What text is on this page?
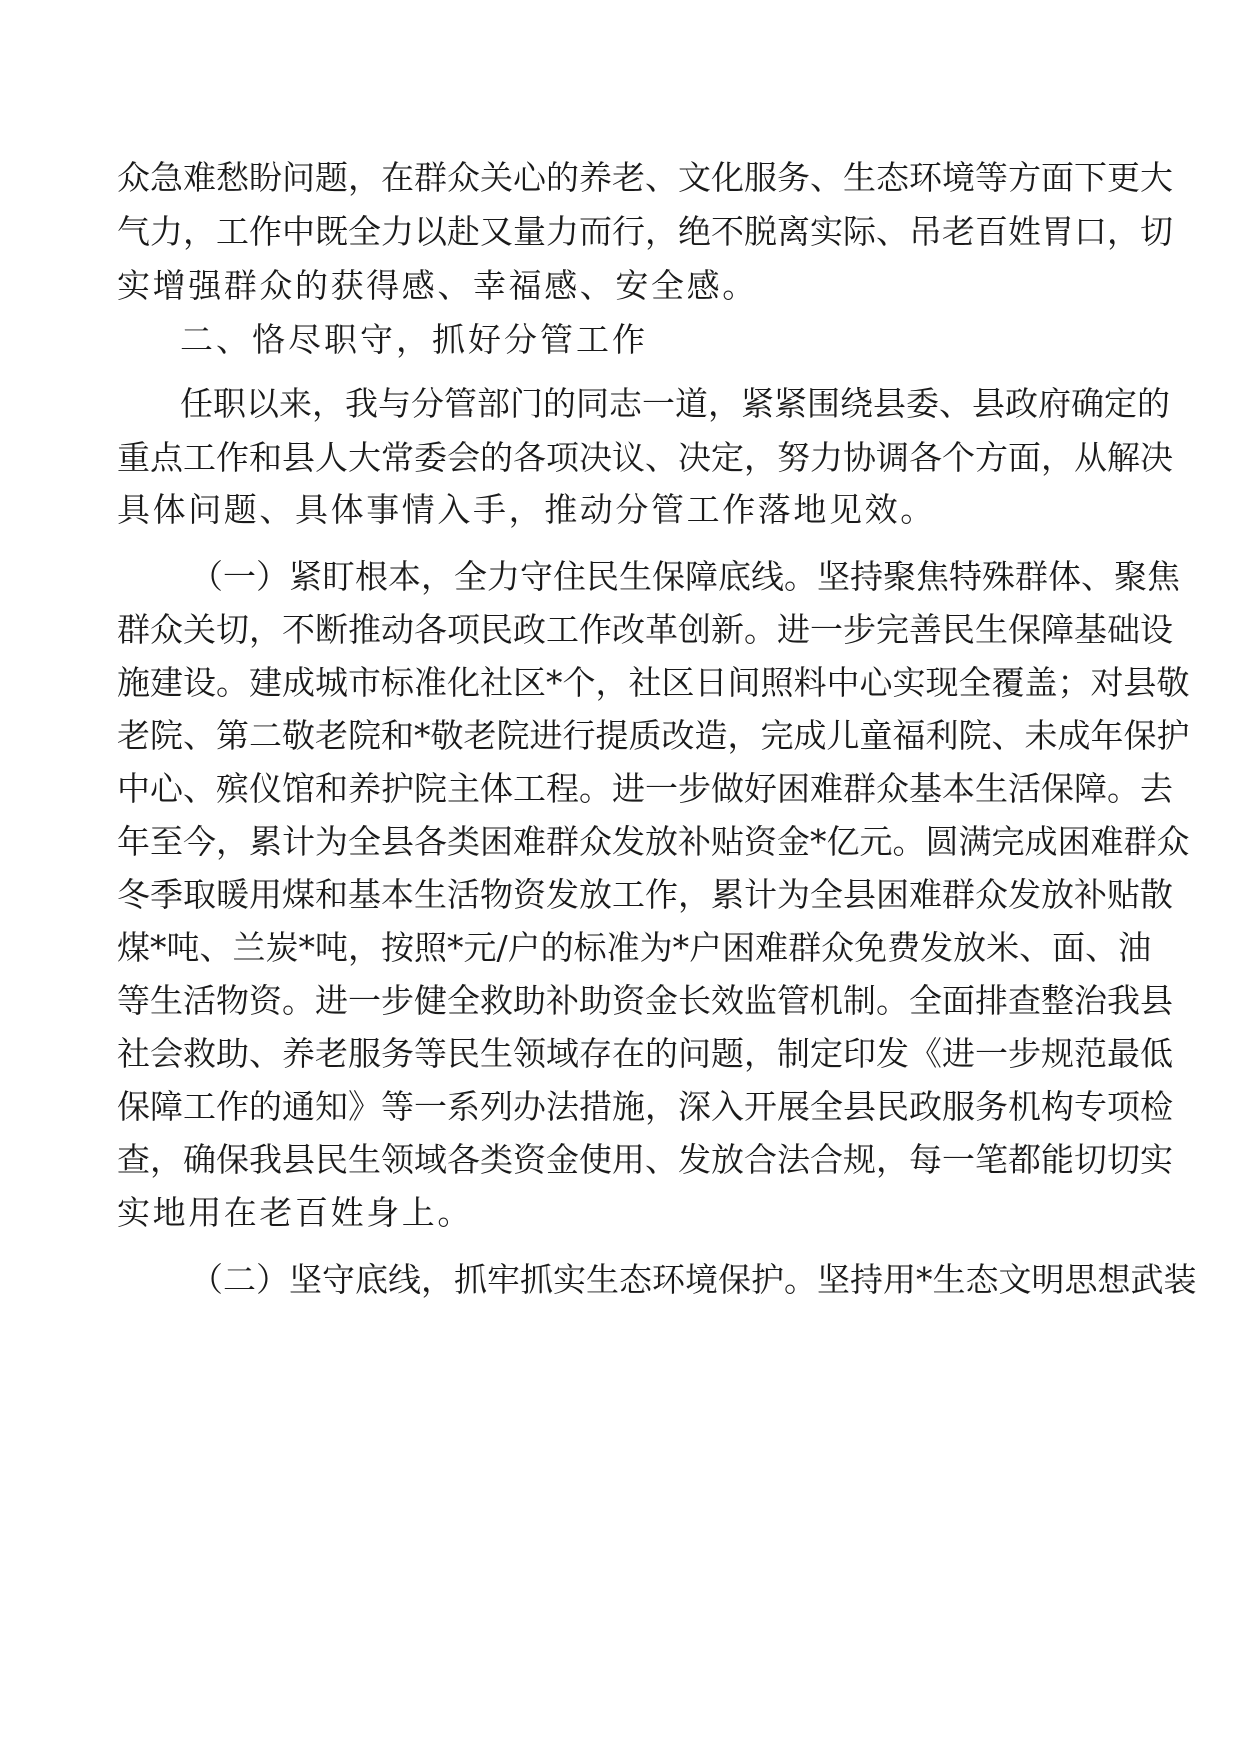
众急难愁盼问题，在群众关心的养老、文化服务、生态环境等方面下更大
气力，工作中既全力以赴又量力而行，绝不脱离实际、吊老百姓胃口，切
实增强群众的获得感、幸福感、安全感。
二、恪尽职守，抓好分管工作
任职以来，我与分管部门的同志一道，紧紧围绕县委、县政府确定的
重点工作和县人大常委会的各项决议、决定，努力协调各个方面，从解决
具体问题、具体事情入手，推动分管工作落地见效。
（一）紧盯根本，全力守住民生保障底线。坚持聚焦特殊群体、聚焦
群众关切，不断推动各项民政工作改革创新。进一步完善民生保障基础设
施建设。建成城市标准化社区*个，社区日间照料中心实现全覆盖；对县敬
老院、第二敬老院和*敬老院进行提质改造，完成儿童福利院、未成年保护
中心、殡仪馆和养护院主体工程。进一步做好困难群众基本生活保障。去
年至今，累计为全县各类困难群众发放补贴资金*亿元。圆满完成困难群众
冬季取暖用煤和基本生活物资发放工作，累计为全县困难群众发放补贴散
煤*吨、兰炭*吨，按照*元/户的标准为*户困难群众免费发放米、面、油
等生活物资。进一步健全救助补助资金长效监管机制。全面排查整治我县
社会救助、养老服务等民生领域存在的问题，制定印发《进一步规范最低
保障工作的通知》等一系列办法措施，深入开展全县民政服务机构专项检
查，确保我县民生领域各类资金使用、发放合法合规，每一笔都能切切实
实地用在老百姓身上。
（二）坚守底线，抓牢抓实生态环境保护。坚持用*生态文明思想武装
